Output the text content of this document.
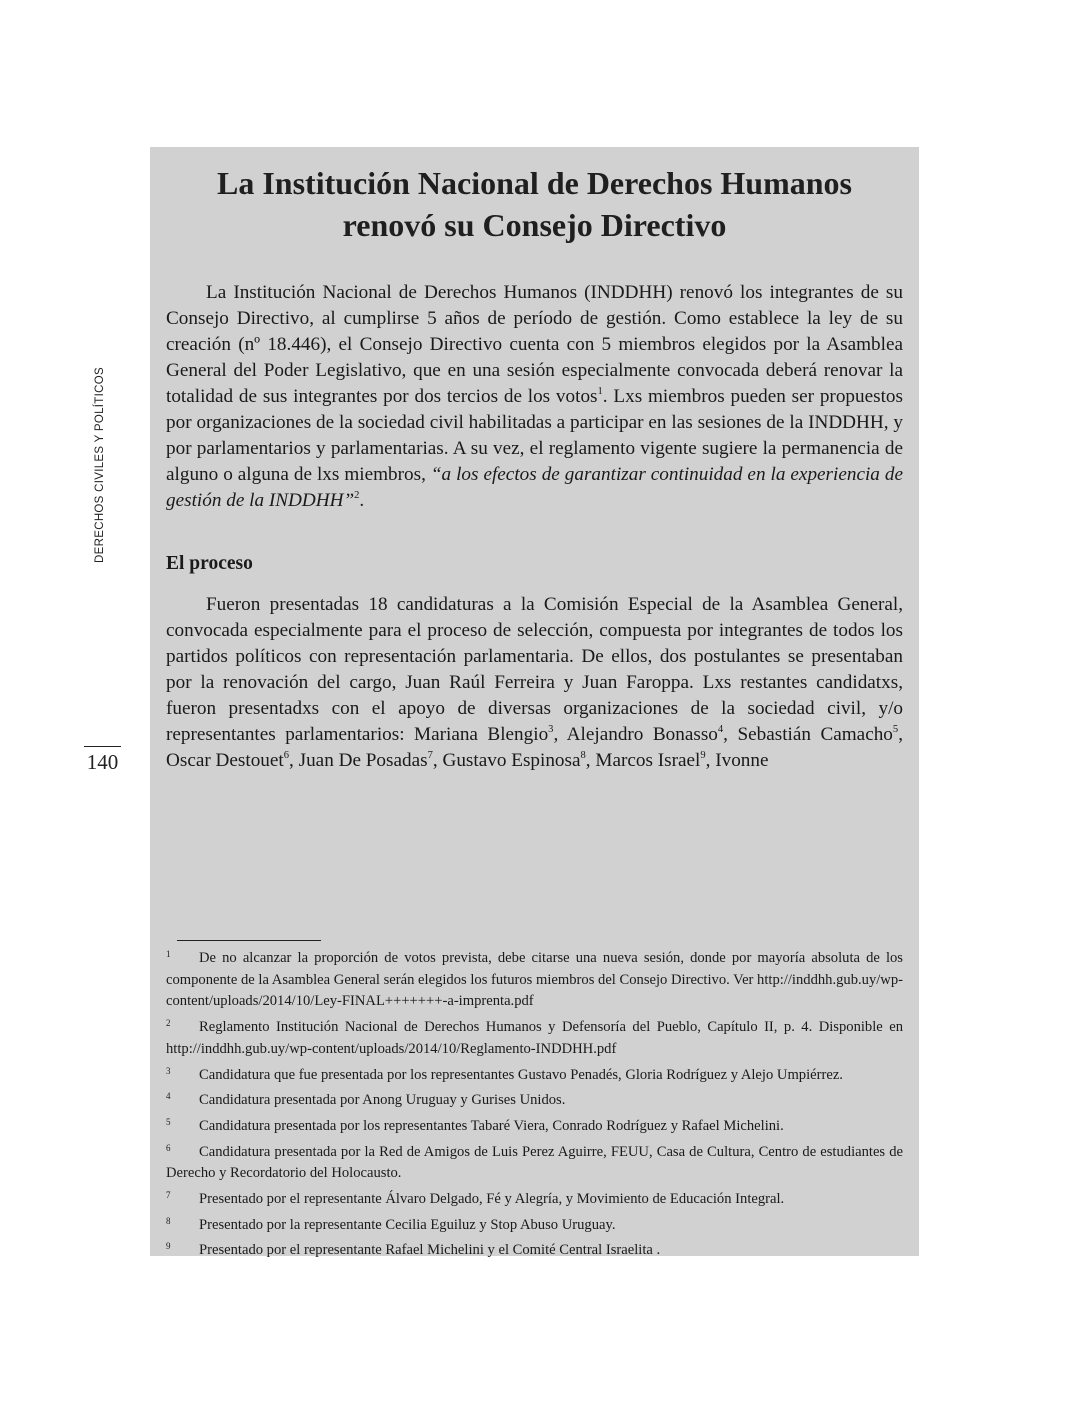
DERECHOS CIVILES Y POLÍTICOS
140
La Institución Nacional de Derechos Humanos
renovó su Consejo Directivo

La Institución Nacional de Derechos Humanos (INDDHH) renovó los integrantes de su Consejo Directivo, al cumplirse 5 años de período de gestión. Como establece la ley de su creación (nº 18.446), el Consejo Directivo cuenta con 5 miembros elegidos por la Asamblea General del Poder Legislativo, que en una sesión especialmente convocada deberá renovar la totalidad de sus integrantes por dos tercios de los votos$^1$. Lxs miembros pueden ser propuestos por organizaciones de la sociedad civil habilitadas a participar en las sesiones de la INDDHH, y por parlamentarios y parlamentarias. A su vez, el reglamento vigente sugiere la permanencia de alguno o alguna de lxs miembros, “a los efectos de garantizar continuidad en la experiencia de gestión de la INDDHH”$^2$.

El proceso

Fueron presentadas 18 candidaturas a la Comisión Especial de la Asamblea General, convocada especialmente para el proceso de selección, compuesta por integrantes de todos los partidos políticos con representación parlamentaria. De ellos, dos postulantes se presentaban por la renovación del cargo, Juan Raúl Ferreira y Juan Faroppa. Lxs restantes candidatxs, fueron presentadxs con el apoyo de diversas organizaciones de la sociedad civil, y/o representantes parlamentarios: Mariana Blengio$^3$, Alejandro Bonasso$^4$, Sebastián Camacho$^5$, Oscar Destouet$^6$, Juan De Posadas$^7$, Gustavo Espinosa$^8$, Marcos Israel$^9$, Ivonne

1 De no alcanzar la proporción de votos prevista, debe citarse una nueva sesión, donde por mayoría absoluta de los componente de la Asamblea General serán elegidos los futuros miembros del Consejo Directivo. Ver http://inddhh.gub.uy/wp-content/uploads/2014/10/Ley-FINAL+++++++-a-imprenta.pdf

2 Reglamento Institución Nacional de Derechos Humanos y Defensoría del Pueblo, Capítulo II, p. 4. Disponible en http://inddhh.gub.uy/wp-content/uploads/2014/10/Reglamento-INDDHH.pdf

3 Candidatura que fue presentada por los representantes Gustavo Penadés, Gloria Rodríguez y Alejo Umpiérrez.

4 Candidatura presentada por Anong Uruguay y Gurises Unidos.

5 Candidatura presentada por los representantes Tabaré Viera, Conrado Rodríguez y Rafael Michelini.

6 Candidatura presentada por la Red de Amigos de Luis Perez Aguirre, FEUU, Casa de Cultura, Centro de estudiantes de Derecho y Recordatorio del Holocausto.

7 Presentado por el representante Álvaro Delgado, Fé y Alegría, y Movimiento de Educación Integral.

8 Presentado por la representante Cecilia Eguiluz y Stop Abuso Uruguay.

9 Presentado por el representante Rafael Michelini y el Comité Central Israelita .
